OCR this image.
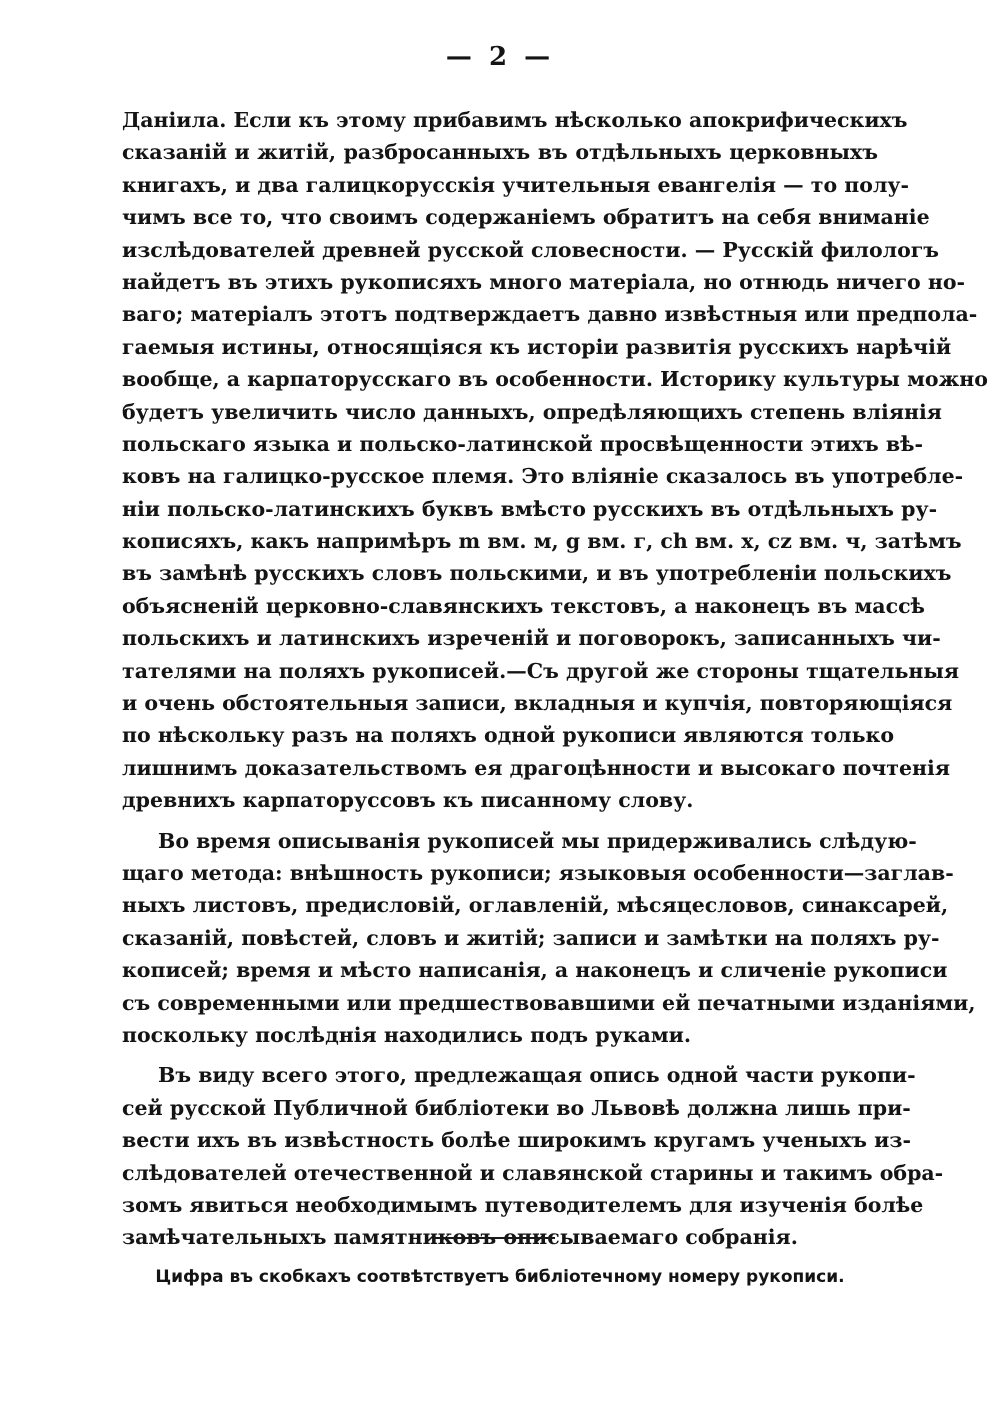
— 2 —

Данiила. Если къ этому прибавимъ нѣсколько апокрифическихъ
сказаній и житій, разбросанныхъ въ отдѣльныхъ церковныхъ
книгахъ, и два галицкорусскія учительныя евангелія — то полу-
чимъ все то, что своимъ содержаніемъ обратитъ на себя вниманіе
изслѣдователей древней русской словесности. — Русскій филологъ
найдетъ въ этихъ рукописяхъ много матеріала, но отнюдь ничего но-
ваго; матеріалъ этотъ подтверждаетъ давно извѣстныя или предпола-
гаемыя истины, относящіяся къ исторіи развитія русскихъ нарѣчій
вообще, а карпаторусскаго въ особенности. Историку культуры можно
будетъ увеличить число данныхъ, опредѣляющихъ степень вліянія
польскаго языка и польско-латинской просвѣщенности этихъ вѣ-
ковъ на галицко-русское племя. Это вліяніе сказалось въ употребле-
ніи польско-латинскихъ буквъ вмѣсто русскихъ въ отдѣльныхъ ру-
кописяхъ, какъ напримѣръ m вм. м, g вм. г, ch вм. х, cz вм. ч, затѣмъ
въ замѣнѣ русскихъ словъ польскими, и въ употребленіи польскихъ
объясненій церковно-славянскихъ текстовъ, а наконецъ въ массѣ
польскихъ и латинскихъ изреченій и поговорокъ, записанныхъ чи-
тателями на поляхъ рукописей.—Съ другой же стороны тщательныя
и очень обстоятельныя записи, вкладныя и купчія, повторяющіяся
по нѣскольку разъ на поляхъ одной рукописи являются только
лишнимъ доказательствомъ ея драгоцѣнности и высокаго почтенія
древнихъ карпаторуссовъ къ писанному слову.
Во время описыванія рукописей мы придерживались слѣдую-
щаго метода: внѣшность рукописи; языковыя особенности—заглав-
ныхъ листовъ, предисловій, оглавленій, мѣсяцесловов, синаксарей,
сказаній, повѣстей, словъ и житій; записи и замѣтки на поляхъ ру-
кописей; время и мѣсто написанія, а наконецъ и сличеніе рукописи
съ современными или предшествовавшими ей печатными изданіями,
поскольку послѣднія находились подъ руками.
Въ виду всего этого, предлежащая опись одной части рукопи-
сей русской Публичной библіотеки во Львовѣ должна лишь при-
вести ихъ въ извѣстность болѣе широкимъ кругамъ ученыхъ из-
слѣдователей отечественной и славянской старины и такимъ обра-
зомъ явиться необходимымъ путеводителемъ для изученія болѣе
замѣчательныхъ памятниковъ описываемаго собранія.

Цифра въ скобкахъ соотвѣтствуетъ библіотечному номеру рукописи.
